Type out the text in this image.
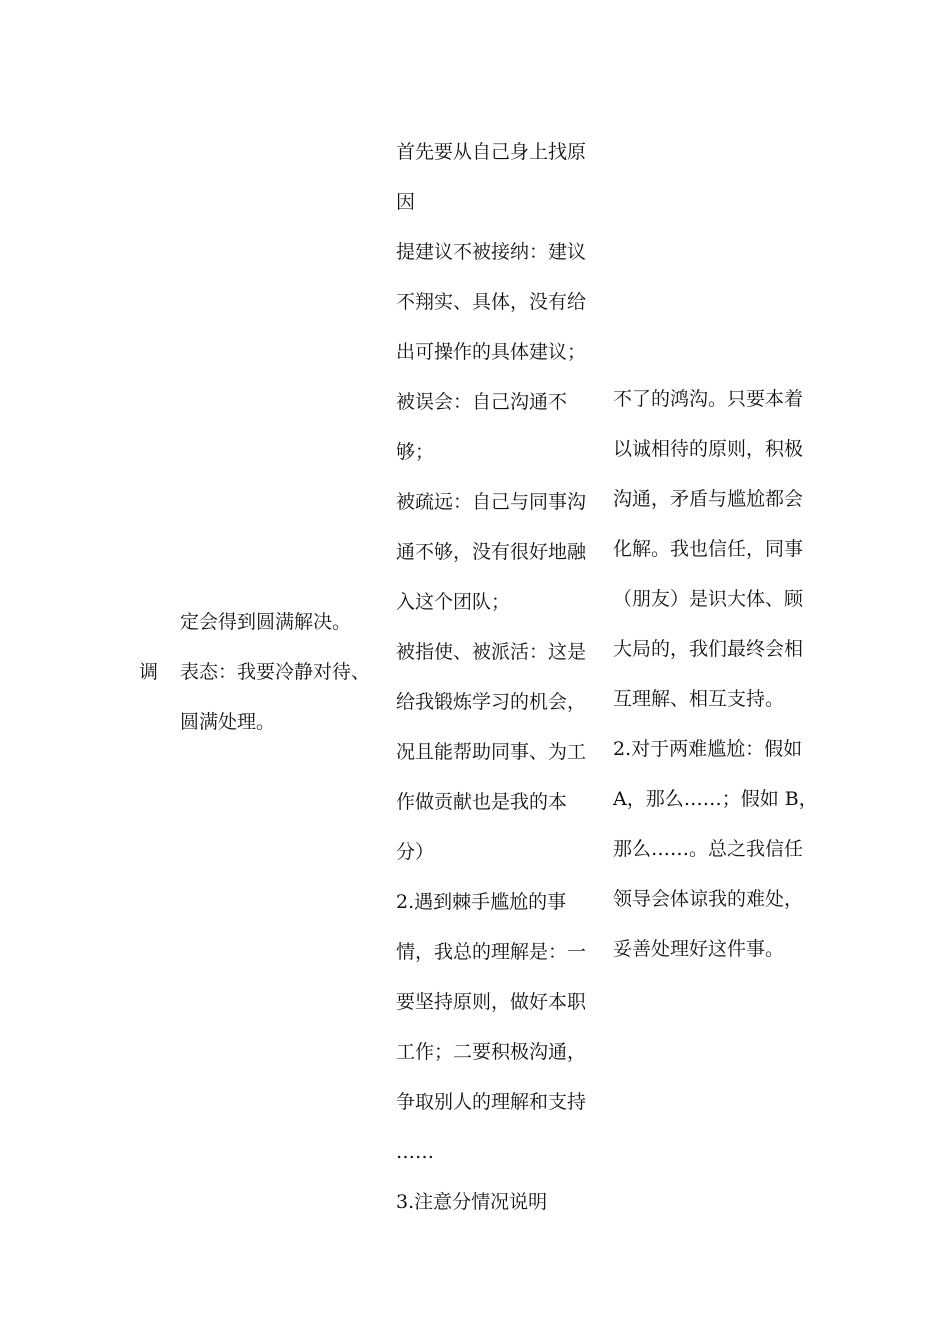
调
定会得到圆满解决。
表态：我要冷静对待、
圆满处理。
首先要从自己身上找原
因
提建议不被接纳：建议
不翔实、具体，没有给
出可操作的具体建议；
被误会：自己沟通不
够；
被疏远：自己与同事沟
通不够，没有很好地融
入这个团队；
被指使、被派活：这是
给我锻炼学习的机会，
况且能帮助同事、为工
作做贡献也是我的本
分）
2.遇到棘手尴尬的事
情，我总的理解是：一
要坚持原则，做好本职
工作；二要积极沟通，
争取别人的理解和支持
……
3.注意分情况说明
不了的鸿沟。只要本着
以诚相待的原则，积极
沟通，矛盾与尴尬都会
化解。我也信任，同事
（朋友）是识大体、顾
大局的，我们最终会相
互理解、相互支持。
2.对于两难尴尬：假如
A，那么……；假如 B，
那么……。总之我信任
领导会体谅我的难处，
妥善处理好这件事。
